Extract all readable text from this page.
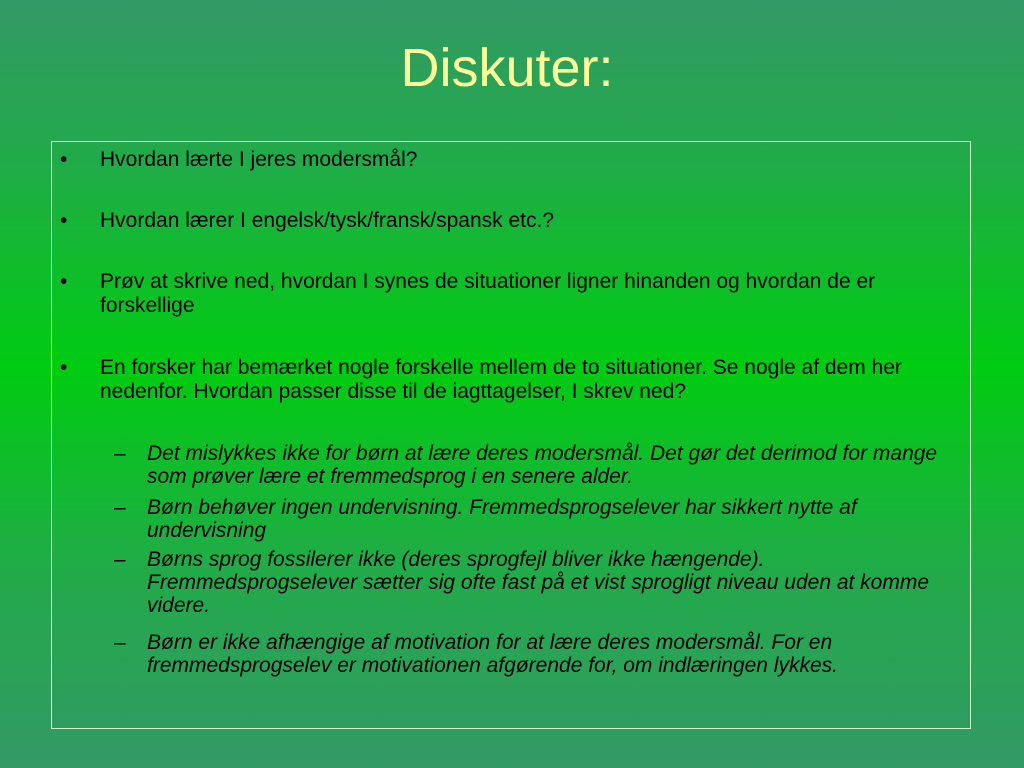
Diskuter:
• Hvordan lærte I jeres modersmål?
• Hvordan lærer I engelsk/tysk/fransk/spansk etc.?
• Prøv at skrive ned, hvordan I synes de situationer ligner hinanden og hvordan de er forskellige
• En forsker har bemærket nogle forskelle mellem de to situationer. Se nogle af dem her nedenfor. Hvordan passer disse til de iagttagelser, I skrev ned?
– Det mislykkes ikke for børn at lære deres modersmål. Det gør det derimod for mange som prøver lære et fremmedsprog i en senere alder.
– Børn behøver ingen undervisning. Fremmedsprogselever har sikkert nytte af undervisning
– Børns sprog fossilerer ikke (deres sprogfejl bliver ikke hængende). Fremmedsprogselever sætter sig ofte fast på et vist sprogligt niveau uden at komme videre.
– Børn er ikke afhængige af motivation for at lære deres modersmål. For en fremmedsprogselev er motivationen afgørende for, om indlæringen lykkes.
